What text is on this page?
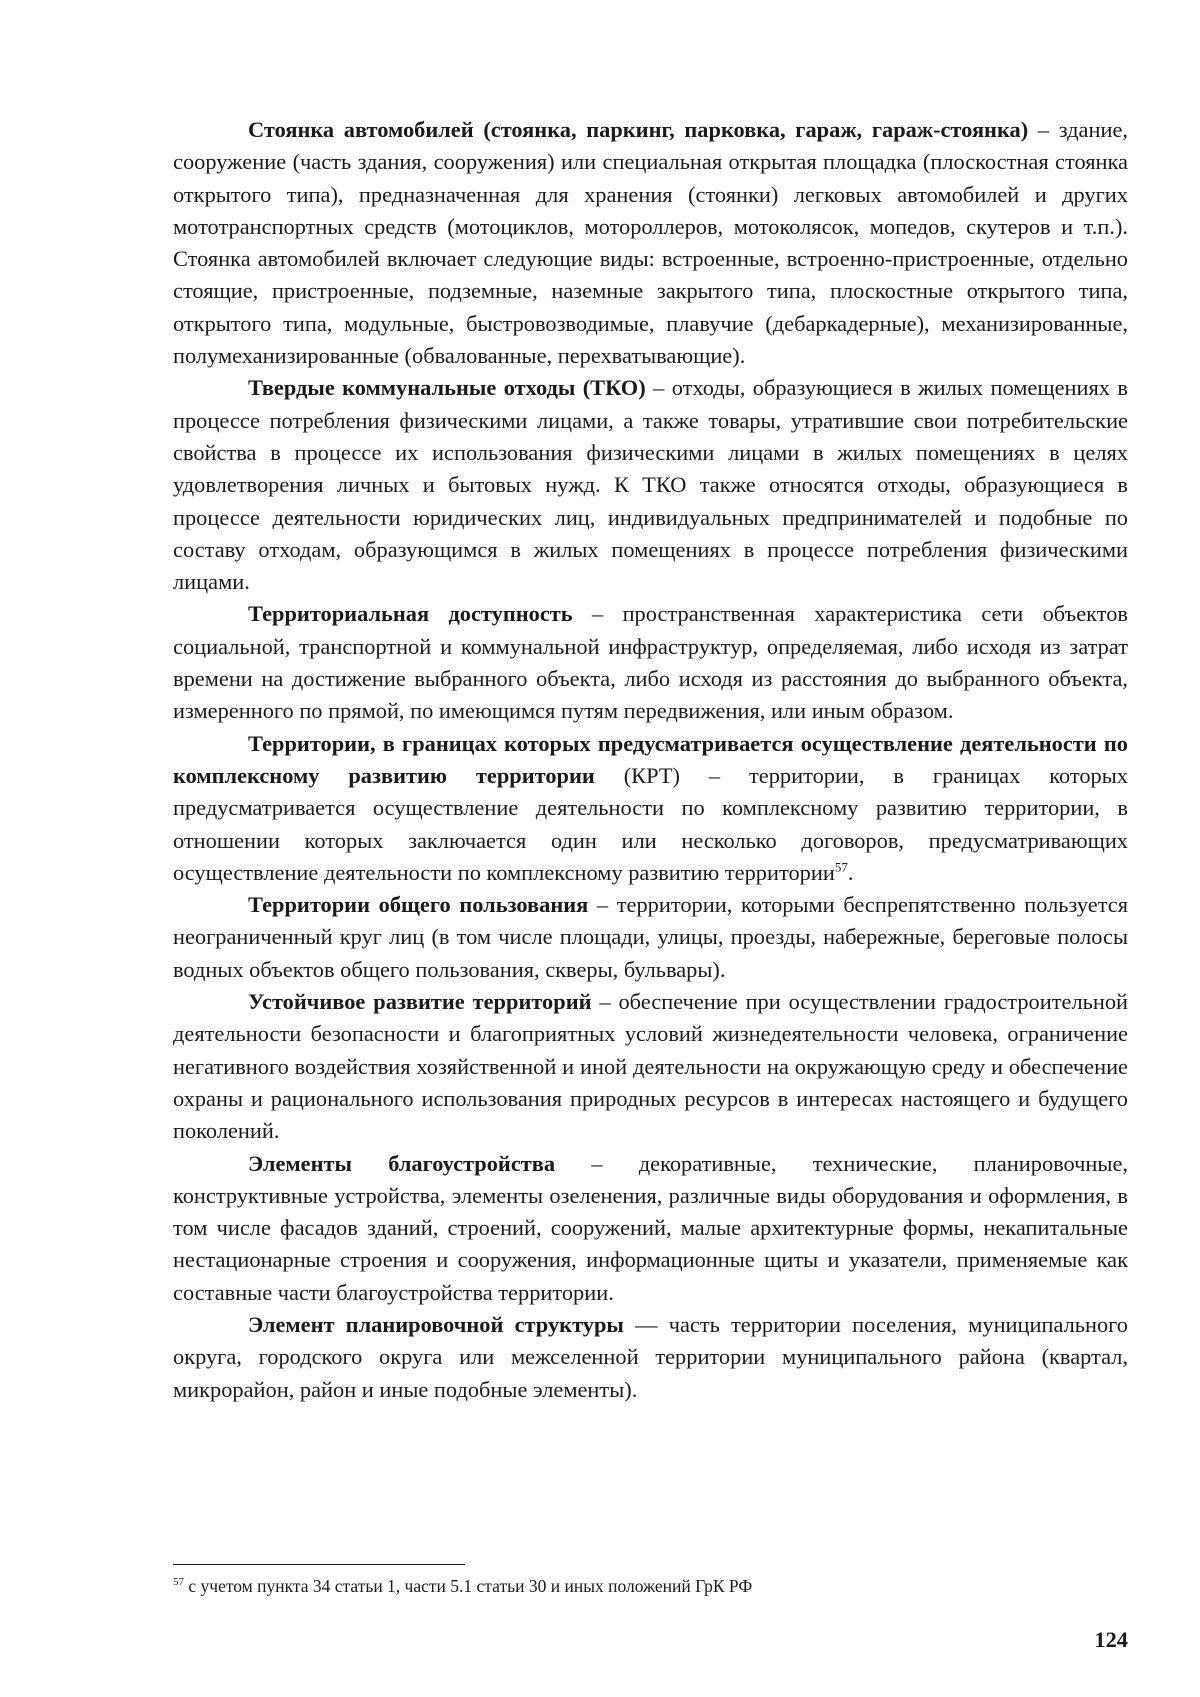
Стоянка автомобилей (стоянка, паркинг, парковка, гараж, гараж-стоянка) – здание, сооружение (часть здания, сооружения) или специальная открытая площадка (плоскостная стоянка открытого типа), предназначенная для хранения (стоянки) легковых автомобилей и других мототранспортных средств (мотоциклов, мотороллеров, мотоколясок, мопедов, скутеров и т.п.). Стоянка автомобилей включает следующие виды: встроенные, встроенно-пристроенные, отдельно стоящие, пристроенные, подземные, наземные закрытого типа, плоскостные открытого типа, открытого типа, модульные, быстровозводимые, плавучие (дебаркадерные), механизированные, полумеханизированные (обвалованные, перехватывающие).

Твердые коммунальные отходы (ТКО) – отходы, образующиеся в жилых помещениях в процессе потребления физическими лицами, а также товары, утратившие свои потребительские свойства в процессе их использования физическими лицами в жилых помещениях в целях удовлетворения личных и бытовых нужд. К ТКО также относятся отходы, образующиеся в процессе деятельности юридических лиц, индивидуальных предпринимателей и подобные по составу отходам, образующимся в жилых помещениях в процессе потребления физическими лицами.

Территориальная доступность – пространственная характеристика сети объектов социальной, транспортной и коммунальной инфраструктур, определяемая, либо исходя из затрат времени на достижение выбранного объекта, либо исходя из расстояния до выбранного объекта, измеренного по прямой, по имеющимся путям передвижения, или иным образом.

Территории, в границах которых предусматривается осуществление деятельности по комплексному развитию территории (КРТ) – территории, в границах которых предусматривается осуществление деятельности по комплексному развитию территории, в отношении которых заключается один или несколько договоров, предусматривающих осуществление деятельности по комплексному развитию территории$^{57}$.

Территории общего пользования – территории, которыми беспрепятственно пользуется неограниченный круг лиц (в том числе площади, улицы, проезды, набережные, береговые полосы водных объектов общего пользования, скверы, бульвары).

Устойчивое развитие территорий – обеспечение при осуществлении градостроительной деятельности безопасности и благоприятных условий жизнедеятельности человека, ограничение негативного воздействия хозяйственной и иной деятельности на окружающую среду и обеспечение охраны и рационального использования природных ресурсов в интересах настоящего и будущего поколений.

Элементы благоустройства – декоративные, технические, планировочные, конструктивные устройства, элементы озеленения, различные виды оборудования и оформления, в том числе фасадов зданий, строений, сооружений, малые архитектурные формы, некапитальные нестационарные строения и сооружения, информационные щиты и указатели, применяемые как составные части благоустройства территории.

Элемент планировочной структуры — часть территории поселения, муниципального округа, городского округа или межселенной территории муниципального района (квартал, микрорайон, район и иные подобные элементы).

$^{57}$ с учетом пункта 34 статьи 1, части 5.1 статьи 30 и иных положений ГрК РФ

124
